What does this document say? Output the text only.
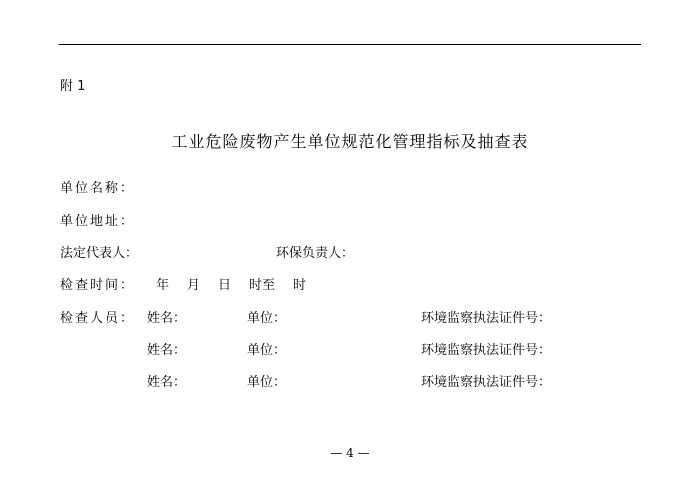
附 1
工业危险废物产生单位规范化管理指标及抽查表
单位名称：
单位地址：
法定代表人：	环保负责人：
检查时间： 年 月 日 时至 时
检查人员： 姓名：	单位：	环境监察执法证件号：
姓名：	单位：	环境监察执法证件号：
姓名：	单位：	环境监察执法证件号：
— 4 —
